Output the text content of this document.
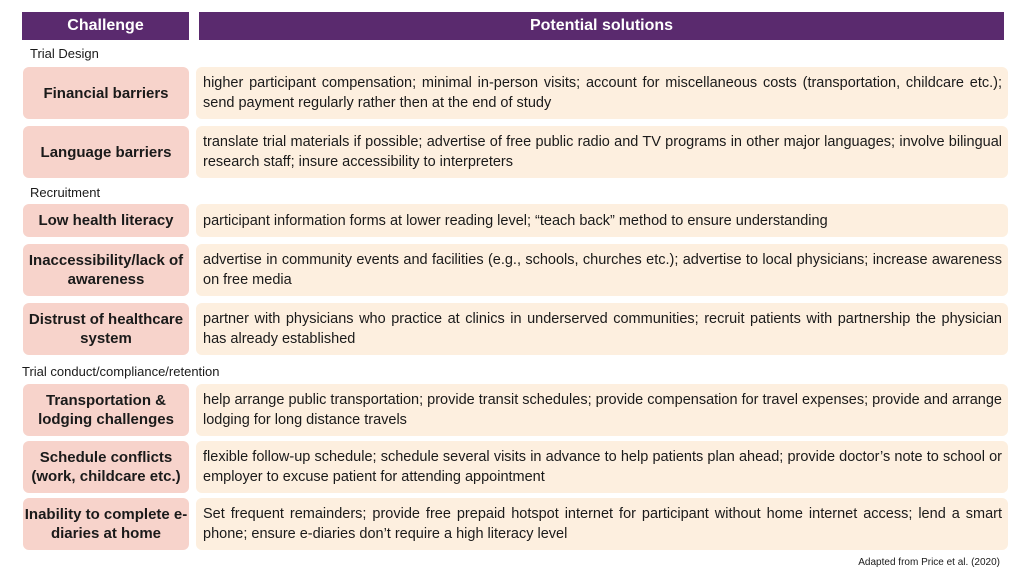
Challenge	Potential solutions
Trial Design
Financial barriers
higher participant compensation; minimal in-person visits; account for miscellaneous costs (transportation, childcare etc.); send payment regularly rather then at the end of study
Language barriers
translate trial materials if possible; advertise of free public radio and TV programs in other major languages; involve bilingual research staff; insure accessibility to interpreters
Recruitment
Low health literacy	participant information forms at lower reading level; “teach back” method to ensure understanding
Inaccessibility/lack of awareness
advertise in community events and facilities (e.g., schools, churches etc.); advertise to local physicians; increase awareness on free media
Distrust of healthcare system
partner with physicians who practice at clinics in underserved communities; recruit patients with partnership the physician has already established
Trial conduct/compliance/retention
Transportation & lodging challenges
help arrange public transportation; provide transit schedules; provide compensation for travel expenses; provide and arrange lodging for long distance travels
Schedule conflicts (work, childcare etc.)
flexible follow-up schedule; schedule several visits in advance to help patients plan ahead; provide doctor’s note to school or employer to excuse patient for attending appointment
Inability to complete e-diaries at home
Set frequent remainders; provide free prepaid hotspot internet for participant without home internet access; lend a smart phone; ensure e-diaries don’t require a high literacy level
Adapted from Price et al. (2020)
